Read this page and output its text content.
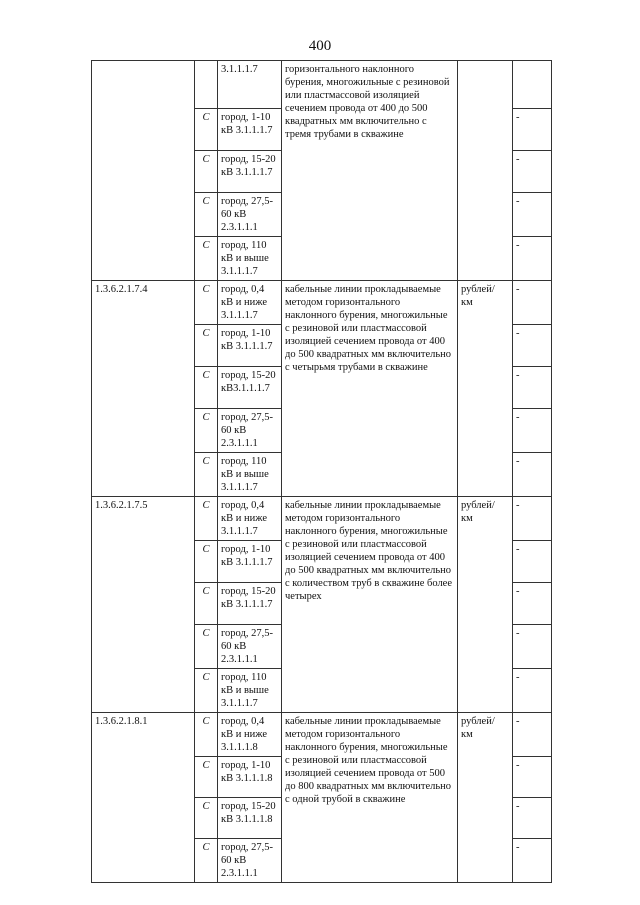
400
		3.1.1.1.7	горизонтального наклонного бурения, многожильные с резиновой или пластмассовой изоляцией сечением провода от 400 до 500 квадратных мм включительно с тремя трубами в скважине		
	С	город, 1-10 кВ 3.1.1.1.7			-
	С	город, 15-20 кВ 3.1.1.1.7			-
	С	город, 27,5-60 кВ 2.3.1.1.1			-
	С	город, 110 кВ и выше 3.1.1.1.7			-
1.3.6.2.1.7.4	С	город, 0,4 кВ и ниже 3.1.1.1.7	кабельные линии прокладываемые методом горизонтального наклонного бурения, многожильные с резиновой или пластмассовой изоляцией сечением провода от 400 до 500 квадратных мм включительно с четырьмя трубами в скважине	рублей/ км	-
	С	город, 1-10 кВ 3.1.1.1.7			-
	С	город, 15-20 кВ3.1.1.1.7			-
	С	город, 27,5-60 кВ 2.3.1.1.1			-
	С	город, 110 кВ и выше 3.1.1.1.7			-
1.3.6.2.1.7.5	С	город, 0,4 кВ и ниже 3.1.1.1.7	кабельные линии прокладываемые методом горизонтального наклонного бурения, многожильные с резиновой или пластмассовой изоляцией сечением провода от 400 до 500 квадратных мм включительно с количеством труб в скважине более четырех	рублей/ км	-
	С	город, 1-10 кВ 3.1.1.1.7			-
	С	город, 15-20 кВ 3.1.1.1.7			-
	С	город, 27,5-60 кВ 2.3.1.1.1			-
	С	город, 110 кВ и выше 3.1.1.1.7			-
1.3.6.2.1.8.1	С	город, 0,4 кВ и ниже 3.1.1.1.8	кабельные линии прокладываемые методом горизонтального наклонного бурения, многожильные с резиновой или пластмассовой изоляцией сечением провода от 500 до 800 квадратных мм включительно с одной трубой в скважине	рублей/ км	-
	С	город, 1-10 кВ 3.1.1.1.8			-
	С	город, 15-20 кВ 3.1.1.1.8			-
	С	город, 27,5-60 кВ 2.3.1.1.1			-
